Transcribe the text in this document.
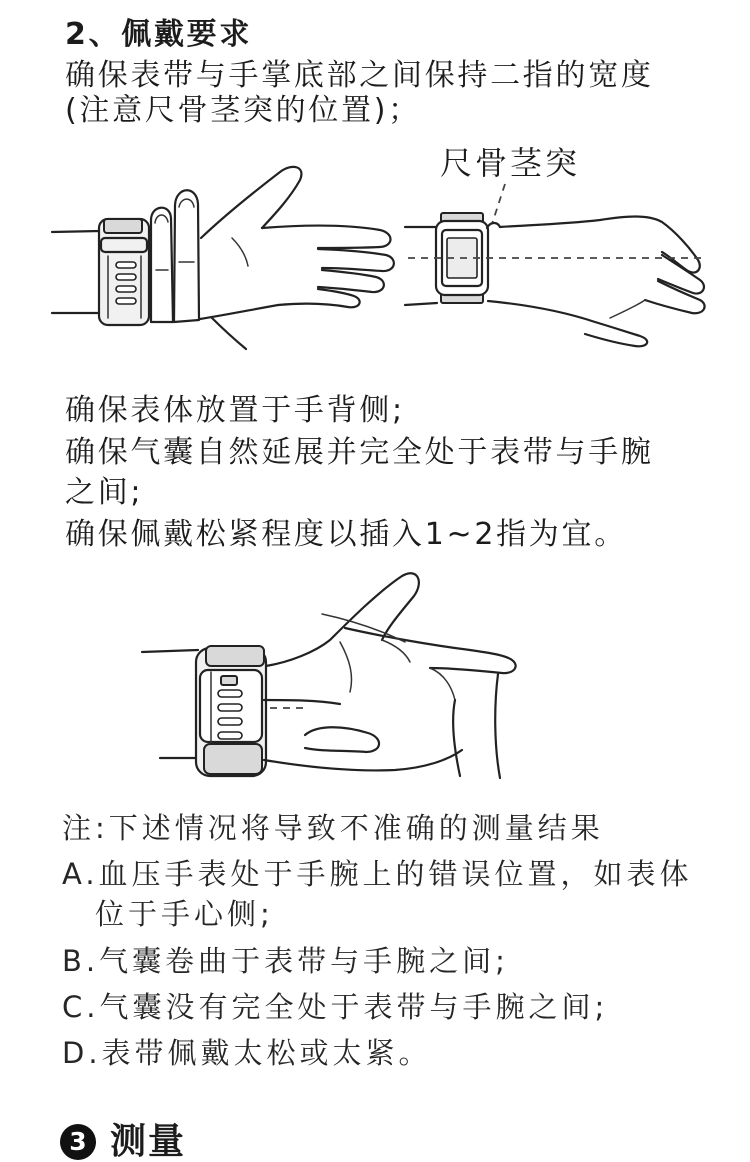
2、佩戴要求

确保表带与手掌底部之间保持二指的宽度

(注意尺骨茎突的位置)；

尺骨茎突

确保表体放置于手背侧;

确保气囊自然延展并完全处于表带与手腕

之间;

确保佩戴松紧程度以插入1~2指为宜。

注:下述情况将导致不准确的测量结果

A.血压手表处于手腕上的错误位置，如表体

位于手心侧;

B.气囊卷曲于表带与手腕之间;

C.气囊没有完全处于表带与手腕之间;

D.表带佩戴太松或太紧。

3 测量
